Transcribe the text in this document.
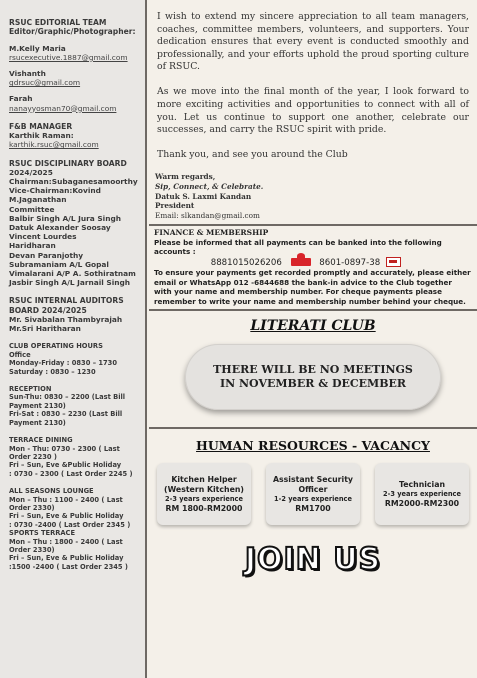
RSUC EDITORIAL TEAM
Editor/Graphic/Photographer:
M.Kelly Maria
rsucexecutive.1887@gmail.com
Vishanth
gdrsuc@gmail.com
Farah
nanayyosman70@gmail.com
F&B MANAGER
Karthik Raman:
karthik.rsuc@gmail.com
RSUC DISCIPLINARY BOARD
2024/2025
Chairman:Subaganesamoorthy
Vice-Chairman:Kovind
M.Jaganathan
Committee
Balbir Singh A/L Jura Singh
Datuk Alexander Soosay
Vincent Lourdes
Haridharan
Devan Paranjothy
Subramaniam A/L Gopal
Vimalarani A/P A. Sothiratnam
Jasbir Singh A/L Jarnail Singh
RSUC INTERNAL AUDITORS
BOARD 2024/2025
Mr. Sivabalan Thambyrajah
Mr.Sri Haritharan
CLUB OPERATING HOURS
Office
Monday-Friday : 0830 – 1730
Saturday : 0830 – 1230
RECEPTION
Sun-Thu: 0830 – 2200 (Last Bill
Payment 2130)
Fri-Sat : 0830 – 2230 (Last Bill
Payment 2130)
TERRACE DINING
Mon - Thu: 0730 - 2300 ( Last
Order 2230 )
Fri – Sun, Eve &Public Holiday
: 0730 - 2300 ( Last Order 2245 )
ALL SEASONS LOUNGE
Mon – Thu : 1100 - 2400 ( Last
Order 2330)
Fri – Sun, Eve & Public Holiday
: 0730 -2400 ( Last Order 2345 )
SPORTS TERRACE
Mon – Thu : 1800 - 2400 ( Last
Order 2330)
Fri – Sun, Eve & Public Holiday
:1500 -2400 ( Last Order 2345 )

I wish to extend my sincere appreciation to all team managers, coaches, committee members, volunteers, and supporters. Your dedication ensures that every event is conducted smoothly and professionally, and your efforts uphold the proud sporting culture of RSUC.

As we move into the final month of the year, I look forward to more exciting activities and opportunities to connect with all of you. Let us continue to support one another, celebrate our successes, and carry the RSUC spirit with pride.

Thank you, and see you around the Club

Warm regards,
Sip, Connect, & Celebrate.
Datuk S. Laxmi Kandan
President
Email: slkandan@gmail.com
FINANCE & MEMBERSHIP
Please be informed that all payments can be banked into the following accounts :
8881015026206	8601-0897-38
To ensure your payments get recorded promptly and accurately, please either email or WhatsApp 012 -6844688 the bank-in advice to the Club together with your name and membership number. For cheque payments please remember to write your name and membership number behind your cheque.
LITERATI CLUB
THERE WILL BE NO MEETINGS IN NOVEMBER & DECEMBER
HUMAN RESOURCES - VACANCY
Kitchen Helper
(Western Kitchen)
2-3 years experience
RM 1800-RM2000
Assistant Security
Officer
1-2 years experience
RM1700
Technician
2-3 years experience
RM2000-RM2300
JOIN US
